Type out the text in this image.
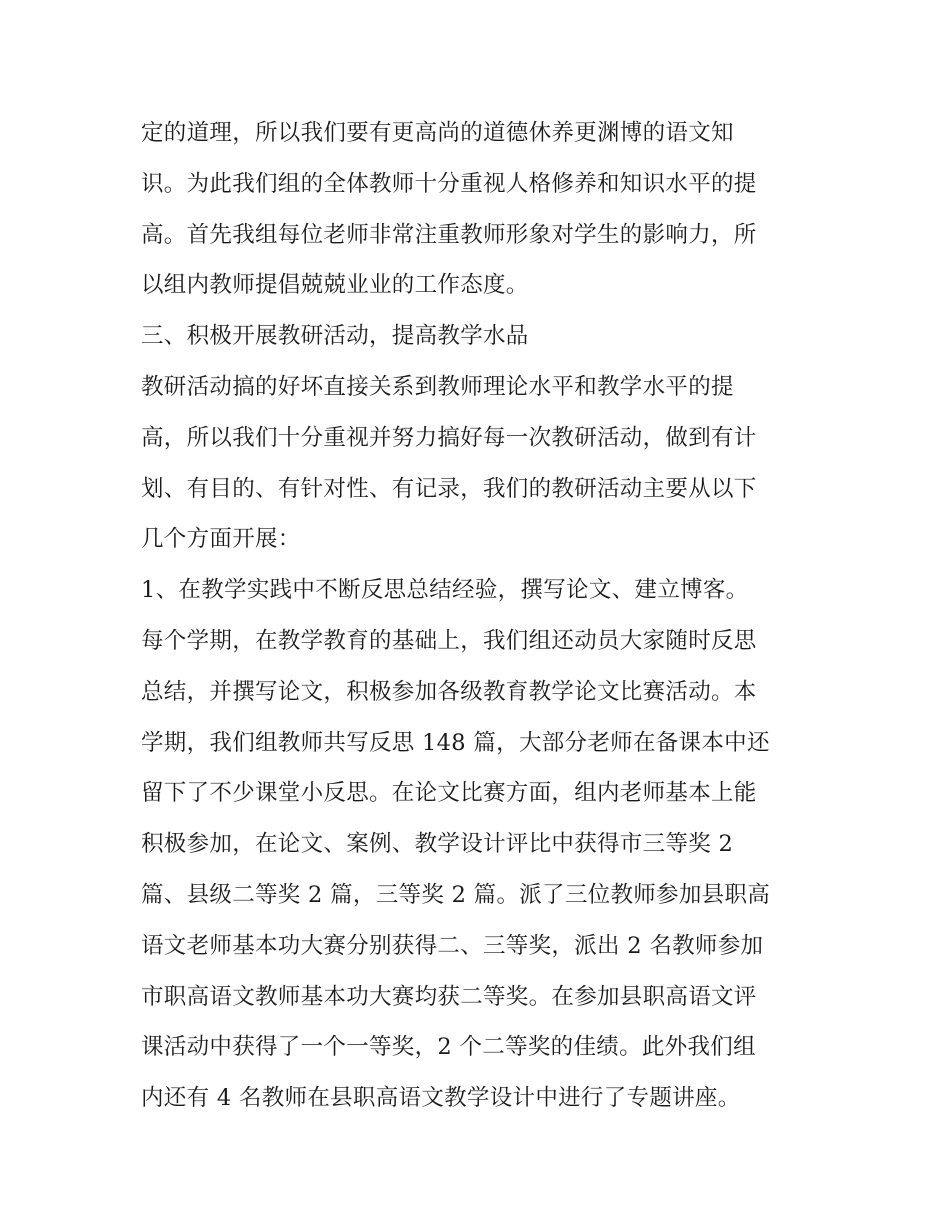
定的道理，所以我们要有更高尚的道德休养更渊博的语文知
识。为此我们组的全体教师十分重视人格修养和知识水平的提
高。首先我组每位老师非常注重教师形象对学生的影响力，所
以组内教师提倡兢兢业业的工作态度。
三、积极开展教研活动，提高教学水品
教研活动搞的好坏直接关系到教师理论水平和教学水平的提
高，所以我们十分重视并努力搞好每一次教研活动，做到有计
划、有目的、有针对性、有记录，我们的教研活动主要从以下
几个方面开展：
1、在教学实践中不断反思总结经验，撰写论文、建立博客。
每个学期，在教学教育的基础上，我们组还动员大家随时反思
总结，并撰写论文，积极参加各级教育教学论文比赛活动。本
学期，我们组教师共写反思 148 篇，大部分老师在备课本中还
留下了不少课堂小反思。在论文比赛方面，组内老师基本上能
积极参加，在论文、案例、教学设计评比中获得市三等奖 2
篇、县级二等奖 2 篇，三等奖 2 篇。派了三位教师参加县职高
语文老师基本功大赛分别获得二、三等奖，派出 2 名教师参加
市职高语文教师基本功大赛均获二等奖。在参加县职高语文评
课活动中获得了一个一等奖，2 个二等奖的佳绩。此外我们组
内还有 4 名教师在县职高语文教学设计中进行了专题讲座。
